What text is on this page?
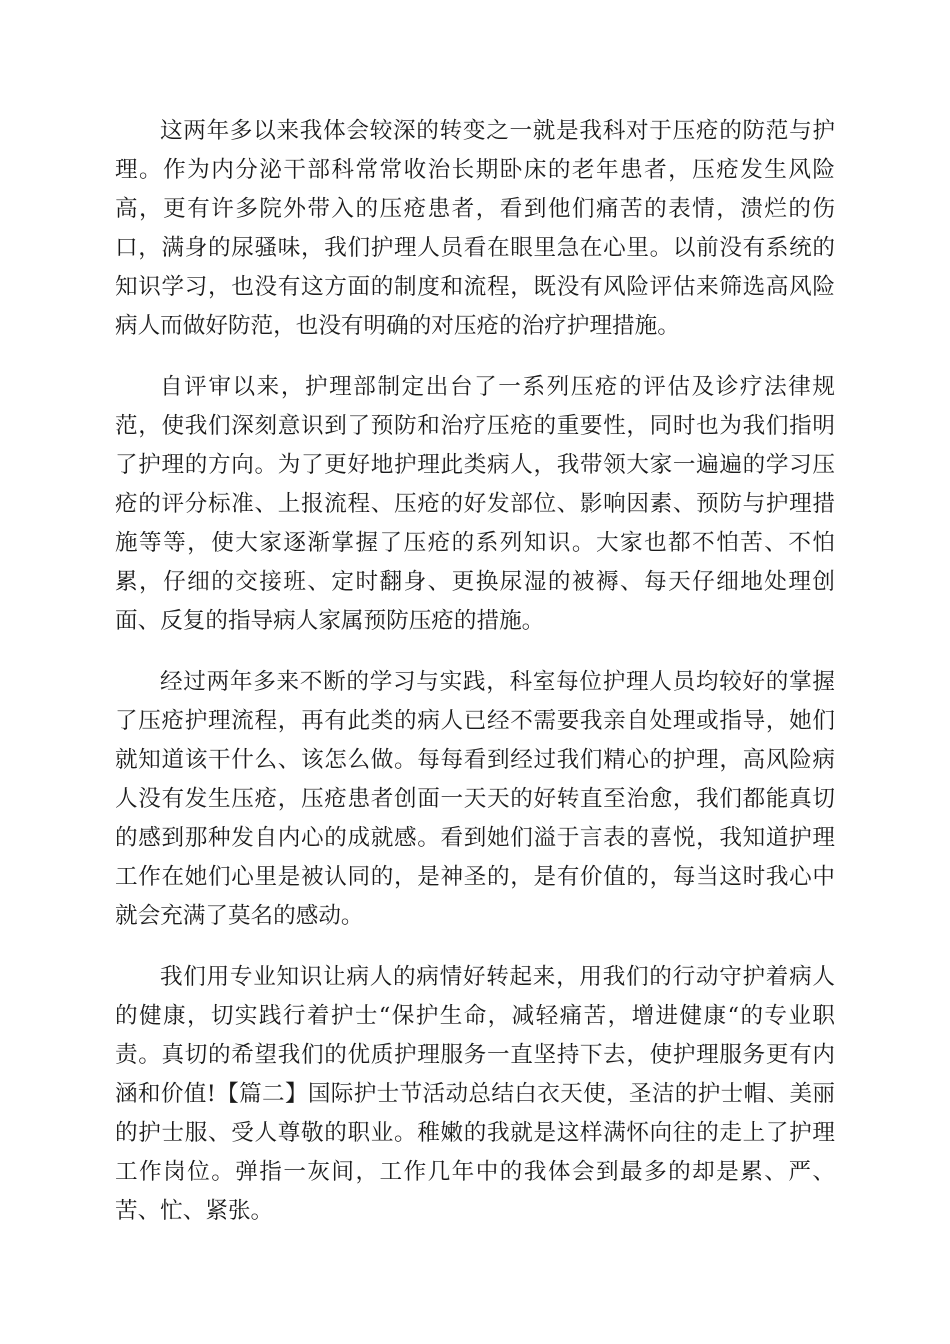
这两年多以来我体会较深的转变之一就是我科对于压疮的防范与护理。作为内分泌干部科常常收治长期卧床的老年患者，压疮发生风险高，更有许多院外带入的压疮患者，看到他们痛苦的表情，溃烂的伤口，满身的尿骚味，我们护理人员看在眼里急在心里。以前没有系统的知识学习，也没有这方面的制度和流程，既没有风险评估来筛选高风险病人而做好防范，也没有明确的对压疮的治疗护理措施。

自评审以来，护理部制定出台了一系列压疮的评估及诊疗法律规范，使我们深刻意识到了预防和治疗压疮的重要性，同时也为我们指明了护理的方向。为了更好地护理此类病人，我带领大家一遍遍的学习压疮的评分标准、上报流程、压疮的好发部位、影响因素、预防与护理措施等等，使大家逐渐掌握了压疮的系列知识。大家也都不怕苦、不怕累，仔细的交接班、定时翻身、更换尿湿的被褥、每天仔细地处理创面、反复的指导病人家属预防压疮的措施。

经过两年多来不断的学习与实践，科室每位护理人员均较好的掌握了压疮护理流程，再有此类的病人已经不需要我亲自处理或指导，她们就知道该干什么、该怎么做。每每看到经过我们精心的护理，高风险病人没有发生压疮，压疮患者创面一天天的好转直至治愈，我们都能真切的感到那种发自内心的成就感。看到她们溢于言表的喜悦，我知道护理工作在她们心里是被认同的，是神圣的，是有价值的，每当这时我心中就会充满了莫名的感动。

我们用专业知识让病人的病情好转起来，用我们的行动守护着病人的健康，切实践行着护士“保护生命，减轻痛苦，增进健康“的专业职责。真切的希望我们的优质护理服务一直坚持下去，使护理服务更有内涵和价值!【篇二】国际护士节活动总结白衣天使，圣洁的护士帽、美丽的护士服、受人尊敬的职业。稚嫩的我就是这样满怀向往的走上了护理工作岗位。弹指一灰间，工作几年中的我体会到最多的却是累、严、苦、忙、紧张。
